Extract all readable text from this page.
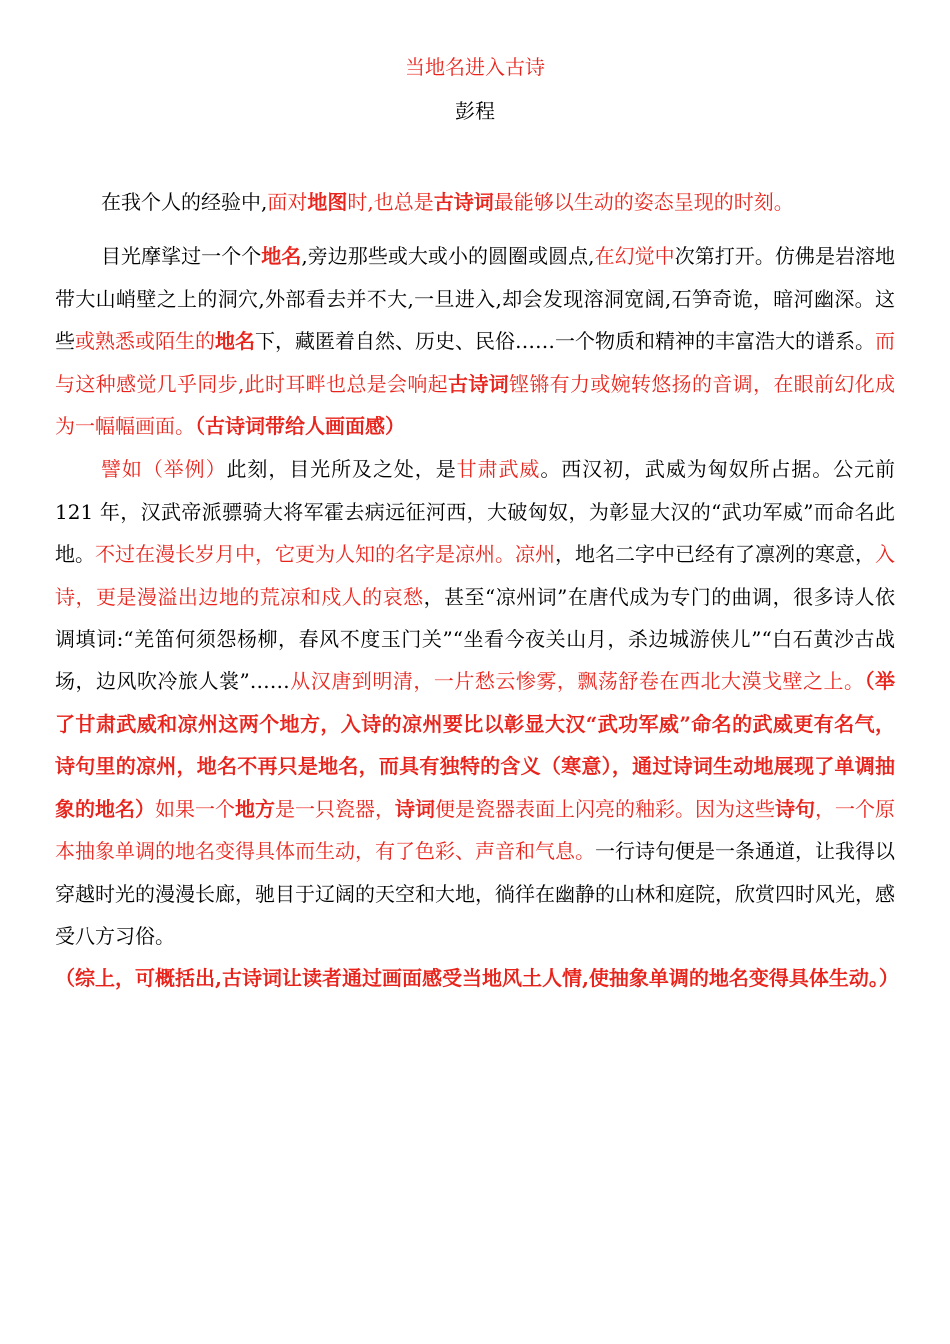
当地名进入古诗
彭程

在我个人的经验中,面对地图时,也总是古诗词最能够以生动的姿态呈现的时刻。

目光摩挲过一个个地名,旁边那些或大或小的圆圈或圆点,在幻觉中次第打开。仿佛是岩溶地带大山峭壁之上的洞穴,外部看去并不大,一旦进入,却会发现溶洞宽阔,石笋奇诡，暗河幽深。这些或熟悉或陌生的地名下，藏匿着自然、历史、民俗……一个物质和精神的丰富浩大的谱系。而与这种感觉几乎同步,此时耳畔也总是会响起古诗词铿锵有力或婉转悠扬的音调，在眼前幻化成为一幅幅画面。（古诗词带给人画面感）

譬如（举例）此刻，目光所及之处，是甘肃武威。西汉初，武威为匈奴所占据。公元前 121 年，汉武帝派骠骑大将军霍去病远征河西，大破匈奴，为彰显大汉的“武功军威”而命名此地。不过在漫长岁月中，它更为人知的名字是凉州。凉州，地名二字中已经有了凛冽的寒意，入诗，更是漫溢出边地的荒凉和戍人的哀愁，甚至“凉州词”在唐代成为专门的曲调，很多诗人依调填词:“羌笛何须怨杨柳，春风不度玉门关”“坐看今夜关山月，杀边城游侠儿”“白石黄沙古战场，边风吹冷旅人裳”……从汉唐到明清，一片愁云惨雾，飘荡舒卷在西北大漠戈壁之上。（举了甘肃武威和凉州这两个地方，入诗的凉州要比以彰显大汉“武功军威”命名的武威更有名气，诗句里的凉州，地名不再只是地名，而具有独特的含义（寒意），通过诗词生动地展现了单调抽象的地名）如果一个地方是一只瓷器，诗词便是瓷器表面上闪亮的釉彩。因为这些诗句，一个原本抽象单调的地名变得具体而生动，有了色彩、声音和气息。一行诗句便是一条通道，让我得以穿越时光的漫漫长廊，驰目于辽阔的天空和大地，徜徉在幽静的山林和庭院，欣赏四时风光，感受八方习俗。

（综上，可概括出,古诗词让读者通过画面感受当地风土人情,使抽象单调的地名变得具体生动。）
